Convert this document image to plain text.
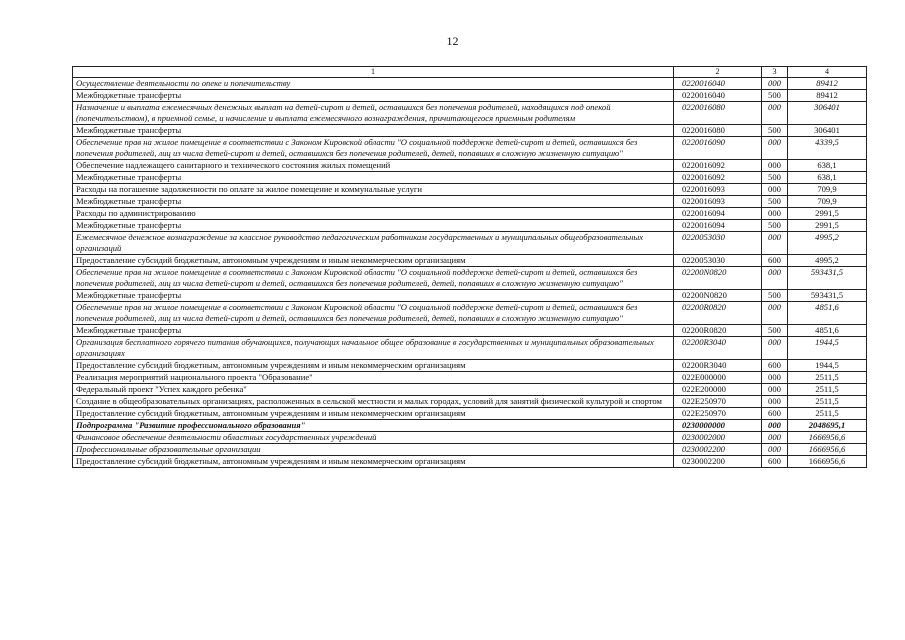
12
1	2	3	4
Осуществление деятельности по опеке и попечительству	0220016040	000	89412
Межбюджетные трансферты	0220016040	500	89412
Назначение и выплата ежемесячных денежных выплат на детей-сирот и детей, оставшихся без попечения родителей, находящихся под опекой (попечительством), в приемной семье, и начисление и выплата ежемесячного вознаграждения, причитающегося приемным родителям	0220016080	000	306401
Межбюджетные трансферты	0220016080	500	306401
Обеспечение прав на жилое помещение в соответствии с Законом Кировской области "О социальной поддержке детей-сирот и детей, оставшихся без попечения родителей, лиц из числа детей-сирот и детей, оставшихся без попечения родителей, детей, попавших в сложную жизненную ситуацию"	0220016090	000	4339,5
Обеспечение надлежащего санитарного и технического состояния жилых помещений	0220016092	000	638,1
Межбюджетные трансферты	0220016092	500	638,1
Расходы на погашение задолженности по оплате за жилое помещение и коммунальные услуги	0220016093	000	709,9
Межбюджетные трансферты	0220016093	500	709,9
Расходы по администрированию	0220016094	000	2991,5
Межбюджетные трансферты	0220016094	500	2991,5
Ежемесячное денежное вознаграждение за классное руководство педагогическим работникам государственных и муниципальных общеобразовательных организаций	0220053030	000	4995,2
Предоставление субсидий бюджетным, автономным учреждениям и иным некоммерческим организациям	0220053030	600	4995,2
Обеспечение прав на жилое помещение в соответствии с Законом Кировской области "О социальной поддержке детей-сирот и детей, оставшихся без попечения родителей, лиц из числа детей-сирот и детей, оставшихся без попечения родителей, детей, попавших в сложную жизненную ситуацию"	02200N0820	000	593431,5
Межбюджетные трансферты	02200N0820	500	593431,5
Обеспечение прав на жилое помещение в соответствии с Законом Кировской области "О социальной поддержке детей-сирот и детей, оставшихся без попечения родителей, лиц из числа детей-сирот и детей, оставшихся без попечения родителей, детей, попавших в сложную жизненную ситуацию"	02200R0820	000	4851,6
Межбюджетные трансферты	02200R0820	500	4851,6
Организация бесплатного горячего питания обучающихся, получающих начальное общее образование в государственных и муниципальных образовательных организациях	02200R3040	000	1944,5
Предоставление субсидий бюджетным, автономным учреждениям и иным некоммерческим организациям	02200R3040	600	1944,5
Реализация мероприятий национального проекта "Образование"	022E000000	000	2511,5
Федеральный проект "Успех каждого ребенка"	022E200000	000	2511,5
Создание в общеобразовательных организациях, расположенных в сельской местности и малых городах, условий для занятий физической культурой и спортом	022E250970	000	2511,5
Предоставление субсидий бюджетным, автономным учреждениям и иным некоммерческим организациям	022E250970	600	2511,5
Подпрограмма "Развитие профессионального образования"	0230000000	000	2048695,1
Финансовое обеспечение деятельности областных государственных учреждений	0230002000	000	1666956,6
Профессиональные образовательные организации	0230002200	000	1666956,6
Предоставление субсидий бюджетным, автономным учреждениям и иным некоммерческим организациям	0230002200	600	1666956,6
